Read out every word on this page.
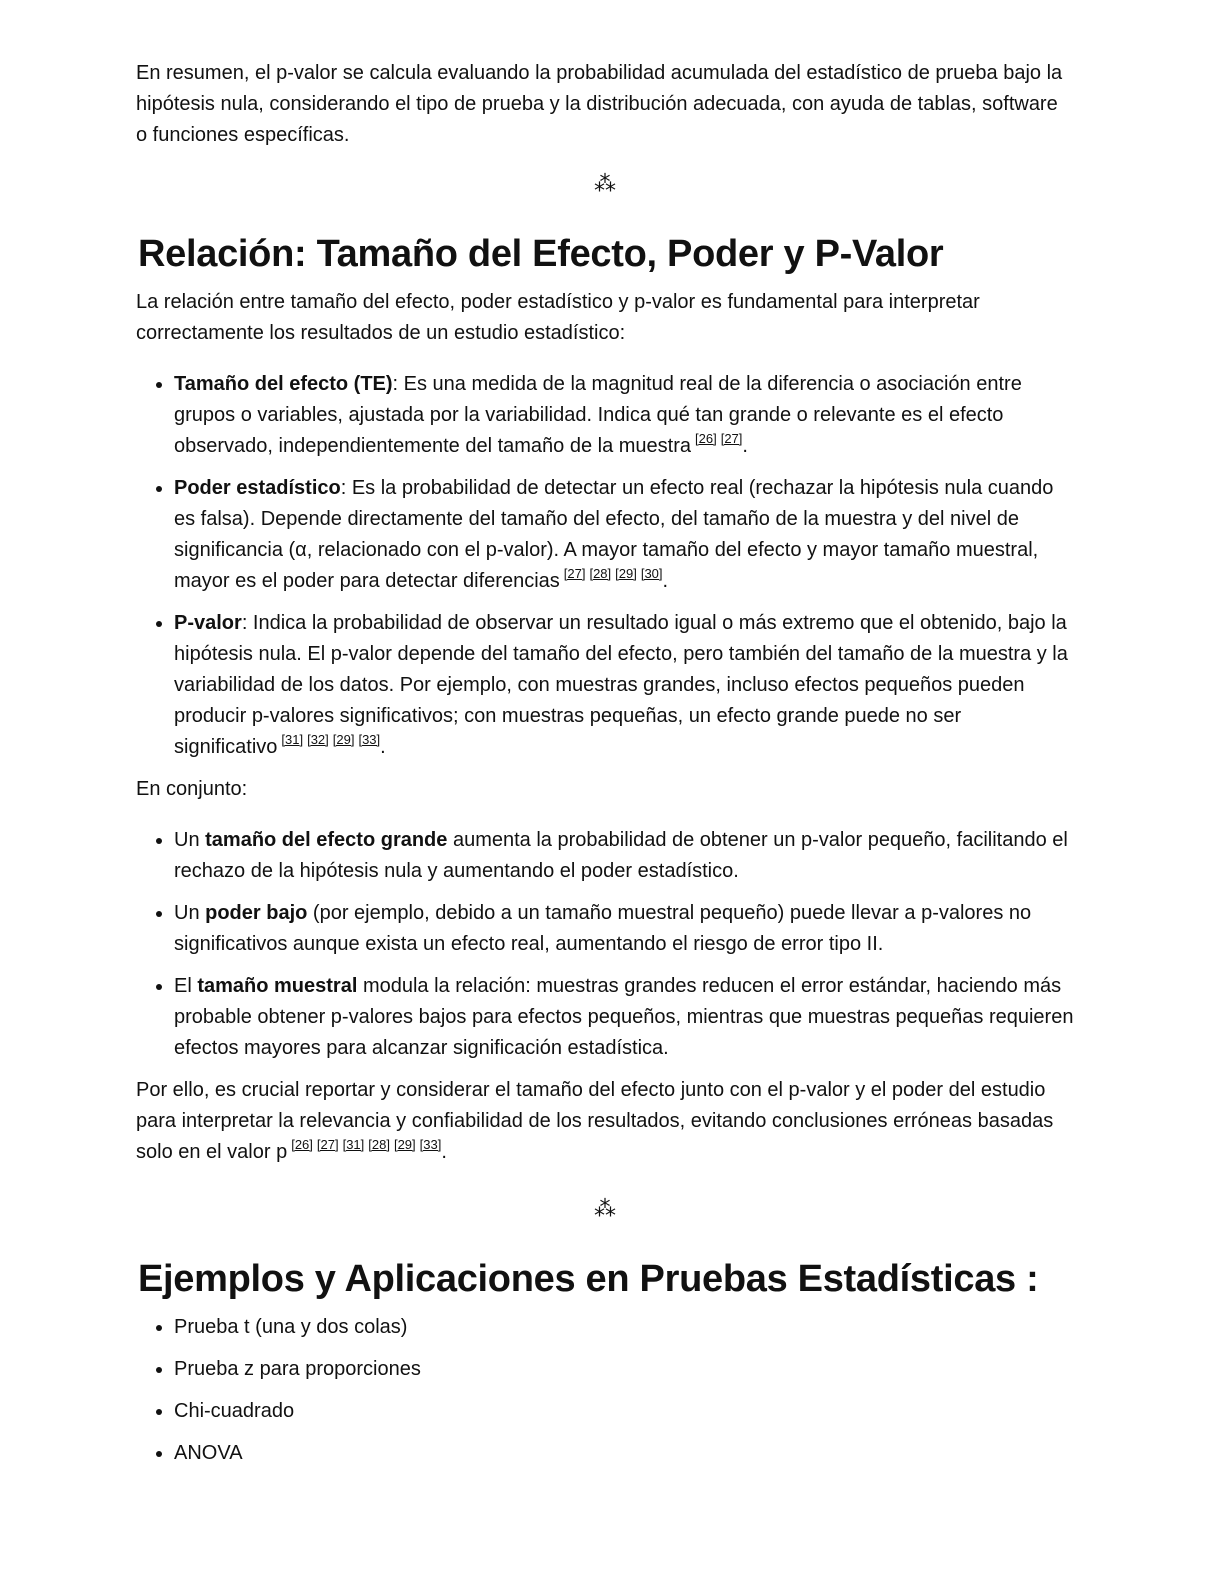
En resumen, el p-valor se calcula evaluando la probabilidad acumulada del estadístico de prueba bajo la hipótesis nula, considerando el tipo de prueba y la distribución adecuada, con ayuda de tablas, software o funciones específicas.

⁂
Relación: Tamaño del Efecto, Poder y P-Valor

La relación entre tamaño del efecto, poder estadístico y p-valor es fundamental para interpretar correctamente los resultados de un estudio estadístico:

• Tamaño del efecto (TE): Es una medida de la magnitud real de la diferencia o asociación entre grupos o variables, ajustada por la variabilidad. Indica qué tan grande o relevante es el efecto observado, independientemente del tamaño de la muestra [26] [27].
• Poder estadístico: Es la probabilidad de detectar un efecto real (rechazar la hipótesis nula cuando es falsa). Depende directamente del tamaño del efecto, del tamaño de la muestra y del nivel de significancia (α, relacionado con el p-valor). A mayor tamaño del efecto y mayor tamaño muestral, mayor es el poder para detectar diferencias [27] [28] [29] [30].
• P-valor: Indica la probabilidad de observar un resultado igual o más extremo que el obtenido, bajo la hipótesis nula. El p-valor depende del tamaño del efecto, pero también del tamaño de la muestra y la variabilidad de los datos. Por ejemplo, con muestras grandes, incluso efectos pequeños pueden producir p-valores significativos; con muestras pequeñas, un efecto grande puede no ser significativo [31] [32] [29] [33].

En conjunto:

• Un tamaño del efecto grande aumenta la probabilidad de obtener un p-valor pequeño, facilitando el rechazo de la hipótesis nula y aumentando el poder estadístico.
• Un poder bajo (por ejemplo, debido a un tamaño muestral pequeño) puede llevar a p-valores no significativos aunque exista un efecto real, aumentando el riesgo de error tipo II.
• El tamaño muestral modula la relación: muestras grandes reducen el error estándar, haciendo más probable obtener p-valores bajos para efectos pequeños, mientras que muestras pequeñas requieren efectos mayores para alcanzar significación estadística.

Por ello, es crucial reportar y considerar el tamaño del efecto junto con el p-valor y el poder del estudio para interpretar la relevancia y confiabilidad de los resultados, evitando conclusiones erróneas basadas solo en el valor p [26] [27] [31] [28] [29] [33].

⁂
Ejemplos y Aplicaciones en Pruebas Estadísticas :
• Prueba t (una y dos colas)
• Prueba z para proporciones
• Chi-cuadrado
• ANOVA
